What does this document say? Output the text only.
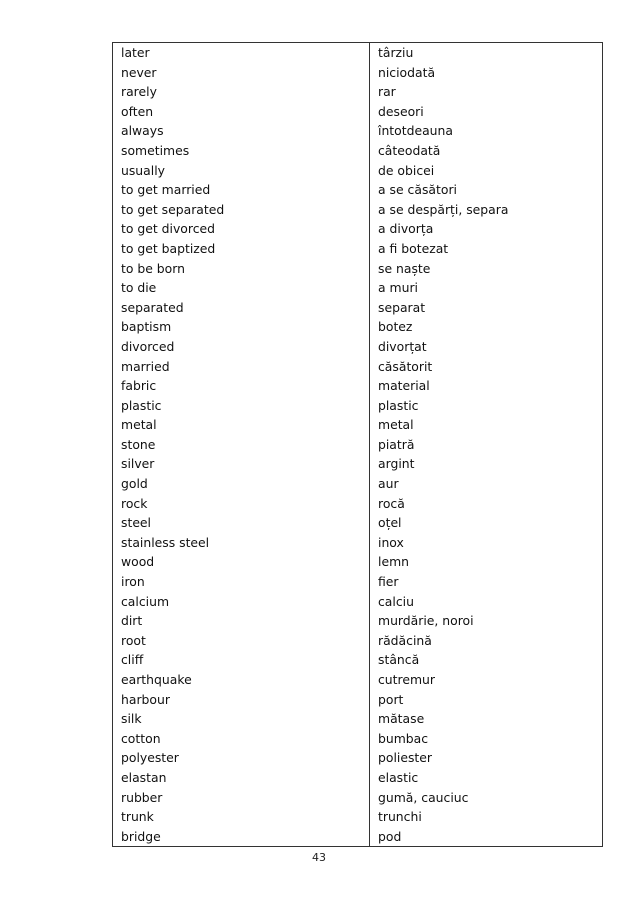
later	târziu
never	niciodată
rarely	rar
often	deseori
always	întotdeauna
sometimes	câteodată
usually	de obicei
to get married	a se căsători
to get separated	a se despărți, separa
to get divorced	a divorța
to get baptized	a fi botezat
to be born	se naște
to die	a muri
separated	separat
baptism	botez
divorced	divorțat
married	căsătorit
fabric	material
plastic	plastic
metal	metal
stone	piatră
silver	argint
gold	aur
rock	rocă
steel	oțel
stainless steel	inox
wood	lemn
iron	fier
calcium	calciu
dirt	murdărie, noroi
root	rădăcină
cliff	stâncă
earthquake	cutremur
harbour	port
silk	mătase
cotton	bumbac
polyester	poliester
elastan	elastic
rubber	gumă, cauciuc
trunk	trunchi
bridge	pod
43
